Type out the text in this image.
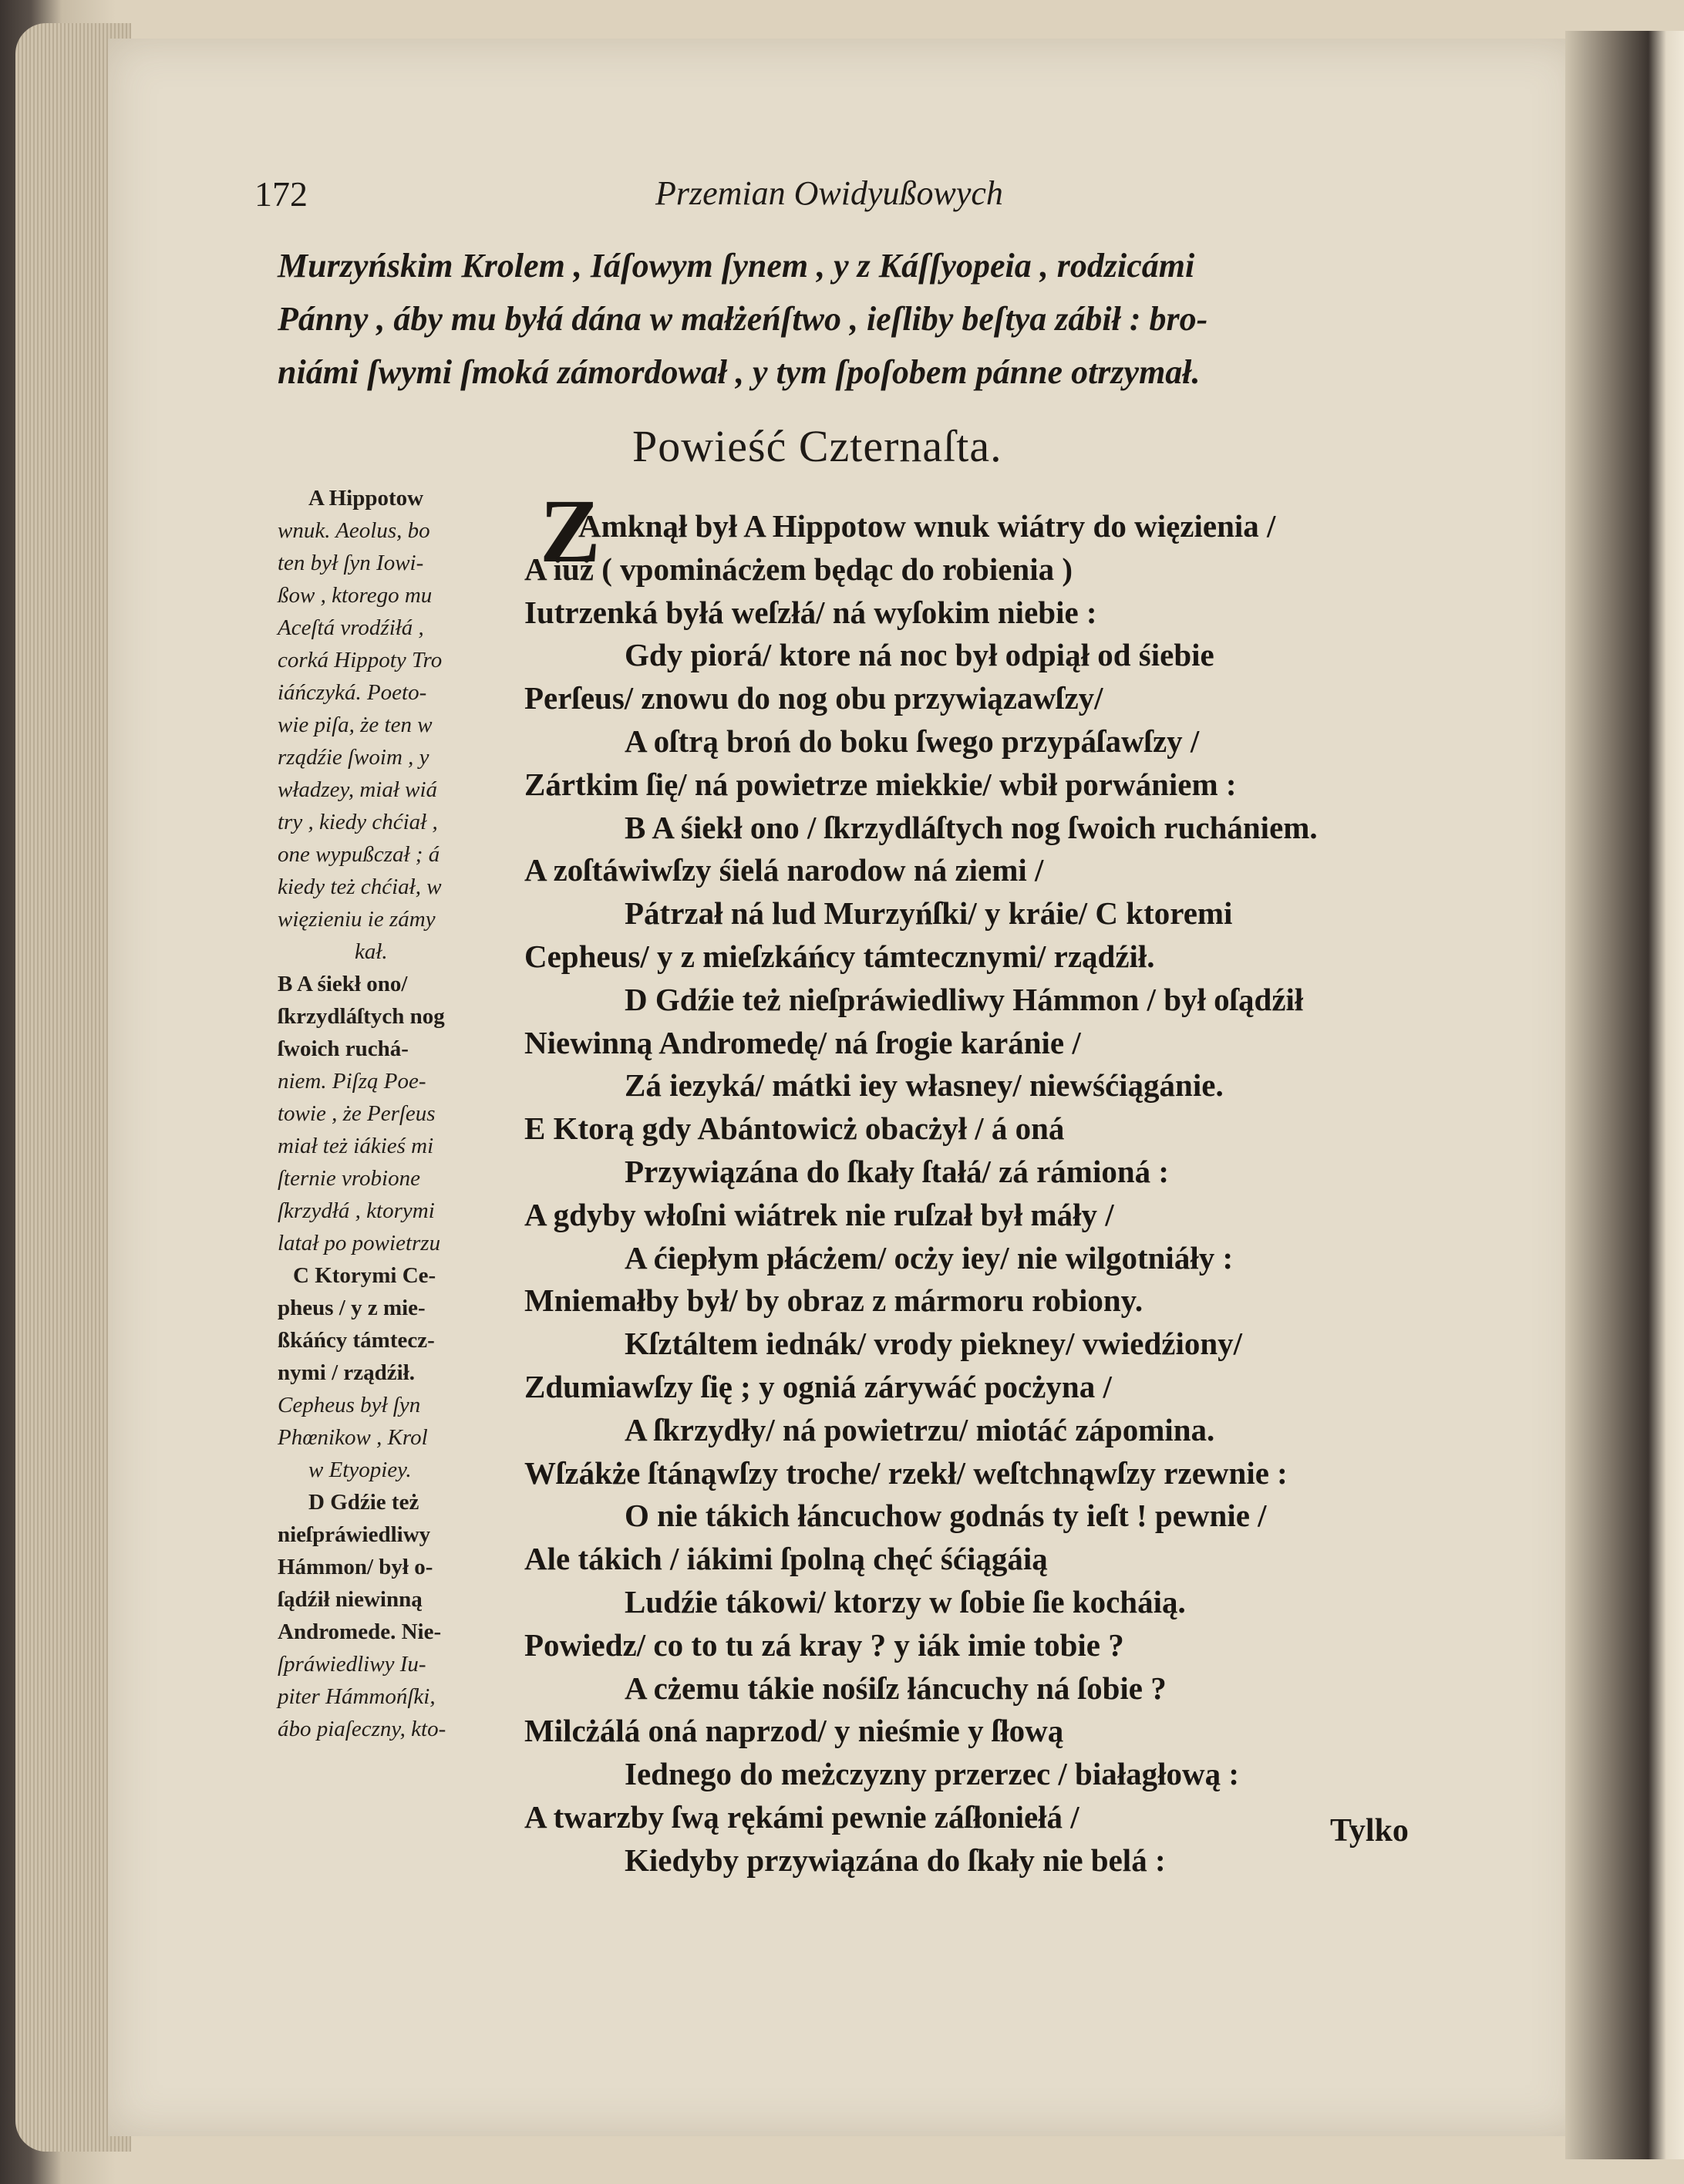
172	Przemian Owidyußowych
Murzyńskim Krolem , Iáſowym ſynem , y z Káſſyopeia , rodzicámi
Pánny , áby mu byłá dána w małżeńſtwo , ieſliby beſtya zábił : bro-
niámi ſwymi ſmoká zámordował , y tym ſpoſobem pánne otrzymał.
Powieść Czternaſta.
A Hippotow
wnuk. Aeolus, bo
ten był ſyn Iowi-
ßow , ktorego mu
Aceſtá vrodźiłá ,
corká Hippoty Tro
iáńczyká. Poeto-
wie piſa, że ten w
rządźie ſwoim , y
władzey, miał wiá
try , kiedy chćiał ,
one wypußczał ; á
kiedy też chćiał, w
więzieniu ie zámy
kał.
B A śiekł ono/
ſkrzydláſtych nog
ſwoich ruchá-
niem. Piſzą Poe-
towie , że Perſeus
miał też iákieś mi
ſternie vrobione
ſkrzydłá , ktorymi
latał po powietrzu
C Ktorymi Ce-
pheus / y z mie-
ßkáńcy támtecz-
nymi / rządźił.
Cepheus był ſyn
Phœnikow , Krol
w Etyopiey.
D Gdźie też
nieſpráwiedliwy
Hámmon/ był o-
ſądźił niewinną
Andromede. Nie-
ſpráwiedliwy Iu-
piter Hámmońſki,
ábo piaſeczny, kto-
Z
Amknął był A Hippotow wnuk wiátry do więzienia /
A iuż ( vpominácżem będąc do robienia )
Iutrzenká byłá weſzłá/ ná wyſokim niebie :
Gdy piorá/ ktore ná noc był odpiął od śiebie
Perſeus/ znowu do nog obu przywiązawſzy/
A oſtrą broń do boku ſwego przypáſawſzy /
Zártkim ſię/ ná powietrze miekkie/ wbił porwániem :
B A śiekł ono / ſkrzydláſtych nog ſwoich ruchániem.
A zoſtáwiwſzy śielá narodow ná ziemi /
Pátrzał ná lud Murzyńſki/ y kráie/ C ktoremi
Cepheus/ y z mieſzkáńcy támtecznymi/ rządźił.
D Gdźie też nieſpráwiedliwy Hámmon / był oſądźił
Niewinną Andromedę/ ná ſrogie karánie /
Zá iezyká/ mátki iey własney/ niewśćiągánie.
E Ktorą gdy Abántowicż obacżył / á oná
Przywiązána do ſkały ſtałá/ zá rámioná :
A gdyby włoſni wiátrek nie ruſzał był máły /
A ćiepłym płácżem/ ocży iey/ nie wilgotniáły :
Mniemałby był/ by obraz z mármoru robiony.
Kſztáltem iednák/ vrody piekney/ vwiedźiony/
Zdumiawſzy ſię ; y ogniá zárywáć pocżyna /
A ſkrzydły/ ná powietrzu/ miotáć zápomina.
Wſzákże ſtánąwſzy troche/ rzekł/ weſtchnąwſzy rzewnie :
O nie tákich łáncuchow godnás ty ieſt ! pewnie /
Ale tákich / iákimi ſpolną chęć śćiągáią
Ludźie tákowi/ ktorzy w ſobie ſie kocháią.
Powiedz/ co to tu zá kray ? y iák imie tobie ?
A cżemu tákie nośiſz łáncuchy ná ſobie ?
Milcżálá oná naprzod/ y nieśmie y ſłową
Iednego do meżczyzny przerzec / białagłową :
A twarzby ſwą rękámi pewnie záſłoniełá /
Kiedyby przywiązána do ſkały nie belá :
Tylko
